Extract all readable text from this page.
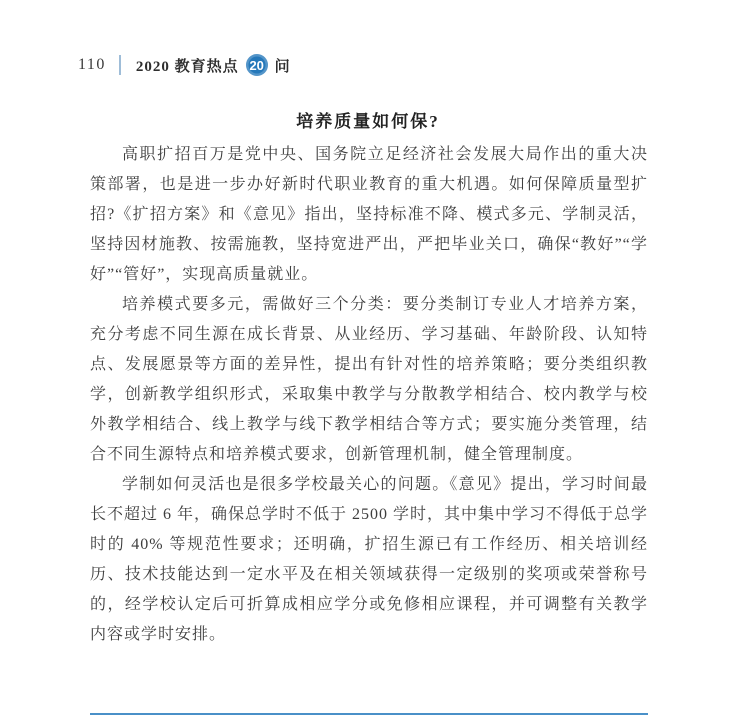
110 2020 教育热点 20 问
培养质量如何保?

高职扩招百万是党中央、国务院立足经济社会发展大局作出的重大决策部署，也是进一步办好新时代职业教育的重大机遇。如何保障质量型扩招?《扩招方案》和《意见》指出，坚持标准不降、模式多元、学制灵活，坚持因材施教、按需施教，坚持宽进严出，严把毕业关口，确保“教好”“学好”“管好”，实现高质量就业。

培养模式要多元，需做好三个分类：要分类制订专业人才培养方案，充分考虑不同生源在成长背景、从业经历、学习基础、年龄阶段、认知特点、发展愿景等方面的差异性，提出有针对性的培养策略；要分类组织教学，创新教学组织形式，采取集中教学与分散教学相结合、校内教学与校外教学相结合、线上教学与线下教学相结合等方式；要实施分类管理，结合不同生源特点和培养模式要求，创新管理机制，健全管理制度。

学制如何灵活也是很多学校最关心的问题。《意见》提出，学习时间最长不超过 6 年，确保总学时不低于 2500 学时，其中集中学习不得低于总学时的 40% 等规范性要求；还明确，扩招生源已有工作经历、相关培训经历、技术技能达到一定水平及在相关领域获得一定级别的奖项或荣誉称号的，经学校认定后可折算成相应学分或免修相应课程，并可调整有关教学内容或学时安排。
